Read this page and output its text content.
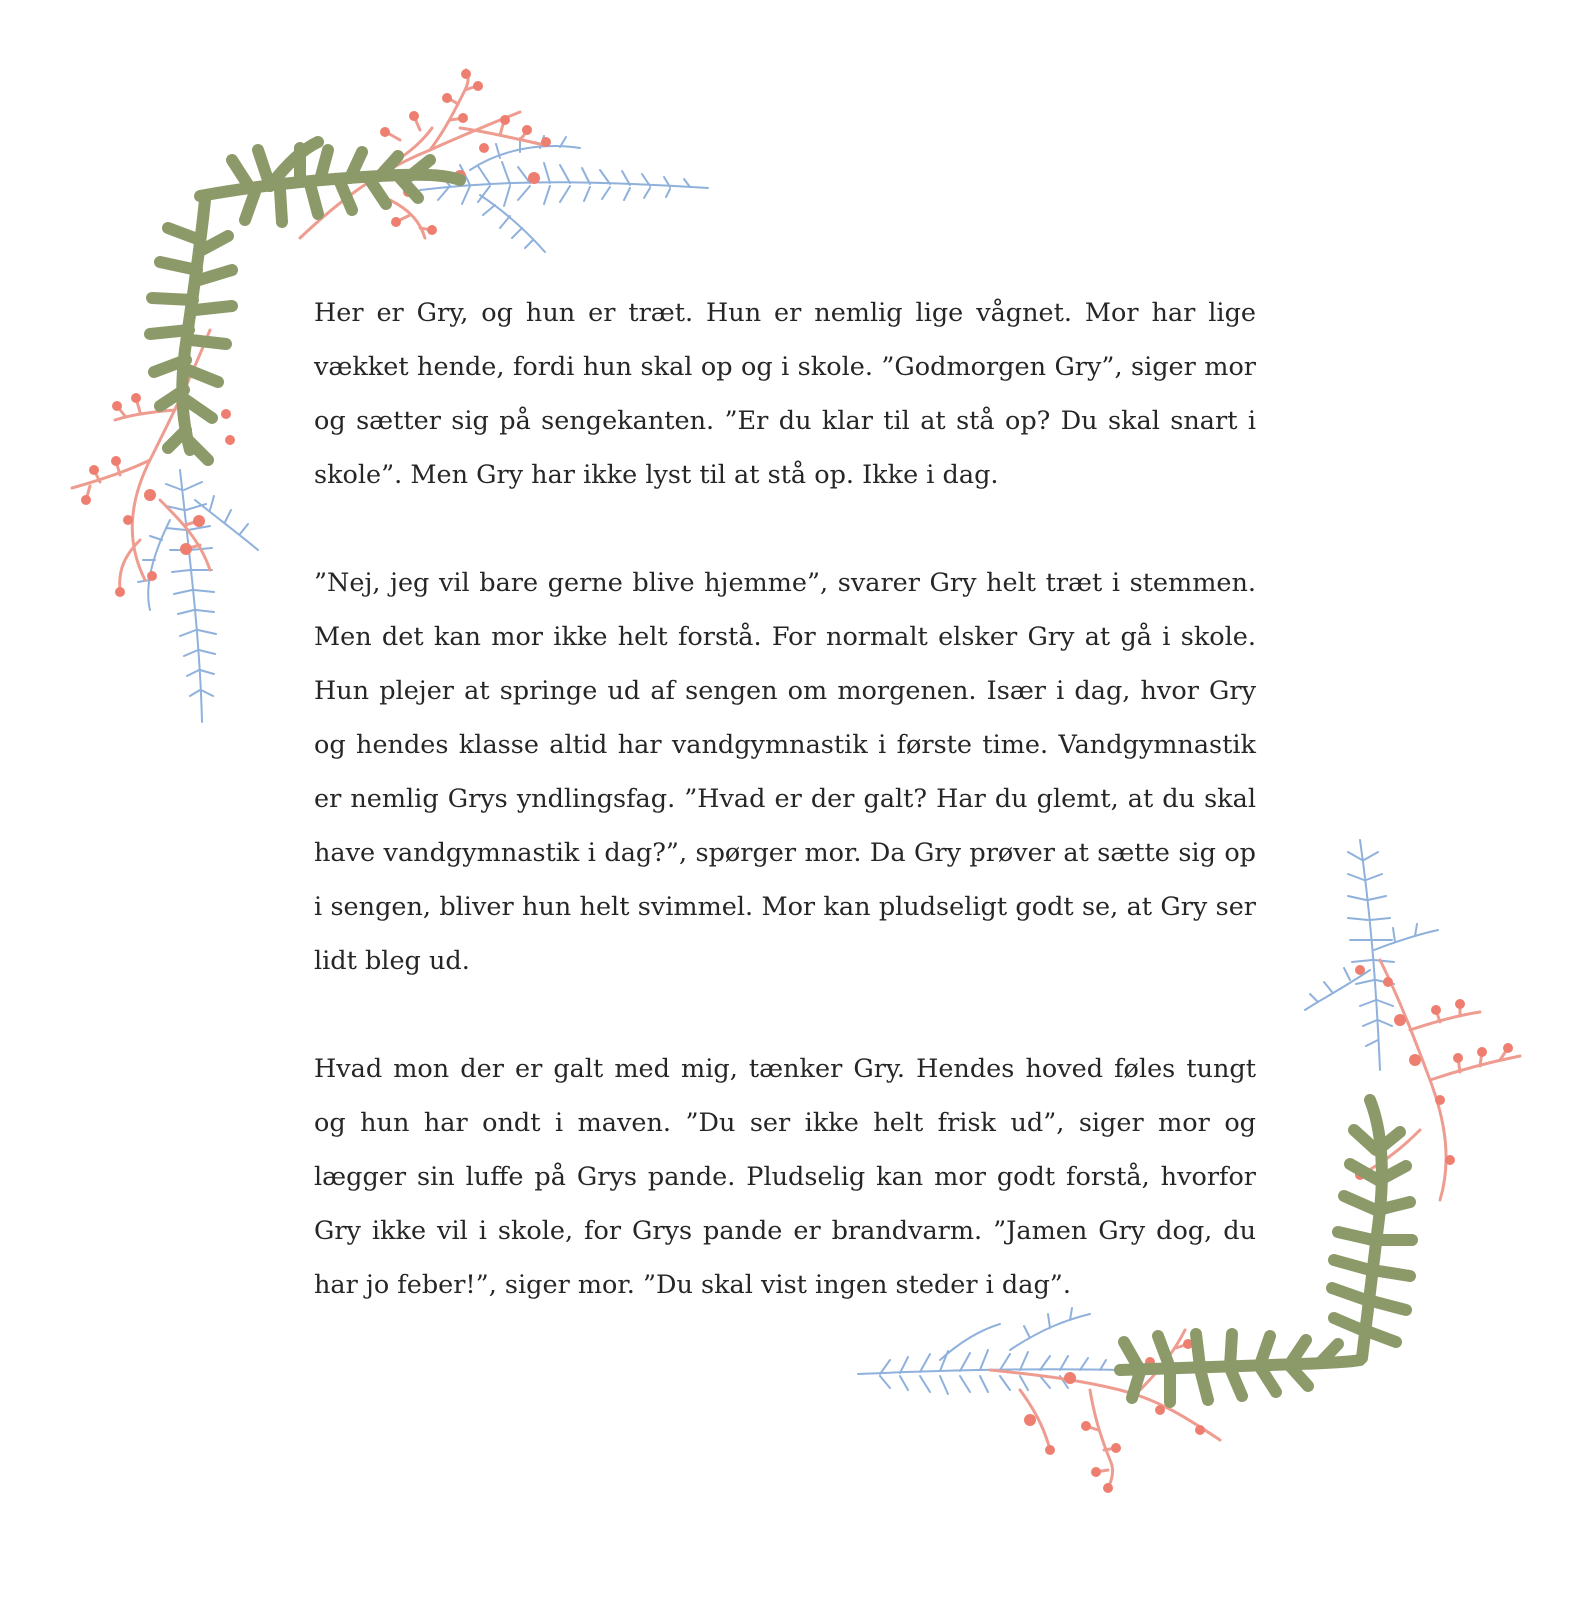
Her er Gry, og hun er træt. Hun er nemlig lige vågnet. Mor har lige vækket hende, fordi hun skal op og i skole. ”Godmorgen Gry”, siger mor og sætter sig på sengekanten. ”Er du klar til at stå op? Du skal snart i skole”. Men Gry har ikke lyst til at stå op. Ikke i dag.

”Nej, jeg vil bare gerne blive hjemme”, svarer Gry helt træt i stemmen. Men det kan mor ikke helt forstå. For normalt elsker Gry at gå i skole. Hun plejer at springe ud af sengen om morgenen. Især i dag, hvor Gry og hendes klasse altid har vandgymnastik i første time. Vandgymnastik er nemlig Grys yndlingsfag. ”Hvad er der galt? Har du glemt, at du skal have vandgymnastik i dag?”, spørger mor. Da Gry prøver at sætte sig op i sengen, bliver hun helt svimmel. Mor kan pludseligt godt se, at Gry ser lidt bleg ud.

Hvad mon der er galt med mig, tænker Gry. Hendes hoved føles tungt og hun har ondt i maven. ”Du ser ikke helt frisk ud”, siger mor og lægger sin luffe på Grys pande. Pludselig kan mor godt forstå, hvorfor Gry ikke vil i skole, for Grys pande er brandvarm. ”Jamen Gry dog, du har jo feber!”, siger mor. ”Du skal vist ingen steder i dag”.
